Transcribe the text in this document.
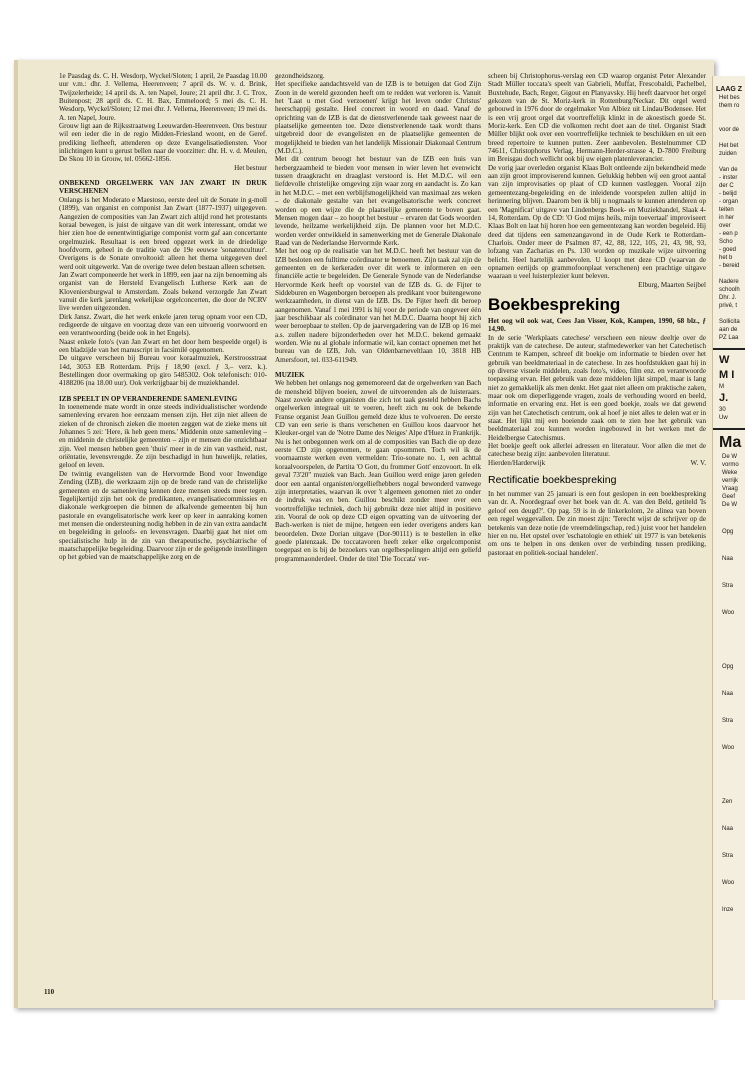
1e Paasdag ds. C. H. Wesdorp, Wyckel/Sloten; 1 april, 2e Paasdag 10.00 uur v.m.: dhr. J. Vellema, Heerenveen; 7 april ds. W. v. d. Brink, Twijzelerheide; 14 april ds. A. ten Napel, Joure; 21 april dhr. J. C. Trox, Buitenpost; 28 april ds. C. H. Bax, Emmeloord; 5 mei ds. C. H. Wesdorp, Wyckel/Sloten; 12 mei dhr. J. Vellema, Heerenveen; 19 mei ds. A. ten Napel, Joure.

Grouw ligt aan de Rijksstraatweg Leeuwarden-Heerenveen. Ons bestuur wil een ieder die in de regio Midden-Friesland woont, en de Geref. prediking liefheeft, attenderen op deze Evangelisatiediensten. Voor inlichtingen kunt u gerust bellen naar de voorzitter: dhr. H. v. d. Meulen, De Skou 10 in Grouw, tel. 05662-1856.

Het bestuur

ONBEKEND ORGELWERK VAN JAN ZWART IN DRUK VERSCHENEN

Onlangs is het Moderato e Maestoso, eerste deel uit de Sonate in g-moll (1899), van organist en componist Jan Zwart (1877-1937) uitgegeven. Aangezien de composities van Jan Zwart zich altijd rond het protestants koraal bewegen, is juist de uitgave van dit werk interessant, omdat we hier zien hoe de eenentwintigjarige componist vorm gaf aan concertante orgelmuziek. Resultaat is een breed opgezet werk in de driedelige hoofdvorm, geheel in de traditie van de 19e eeuwse 'sonatencultuur'. Overigens is de Sonate onvoltooid: alleen het thema uitgegeven deel werd ooit uitgewerkt. Van de overige twee delen bestaan alleen schetsen.

Jan Zwart componeerde het werk in 1899, een jaar na zijn benoeming als organist van de Hersteld Evangelisch Lutherse Kerk aan de Kloveniersburgwal te Amsterdam. Zoals bekend verzorgde Jan Zwart vanuit die kerk jarenlang wekelijkse orgelconcerten, die door de NCRV live werden uitgezonden.

Dirk Jansz. Zwart, die het werk enkele jaren terug opnam voor een CD, redigeerde de uitgave en voorzag deze van een uitvoerig voorwoord en een verantwoording (beide ook in het Engels).

Naast enkele foto's (van Jan Zwart en het door hem bespeelde orgel) is een bladzijde van het manuscript in facsimilé opgenomen.

De uitgave verscheen bij Bureau voor koraalmuziek, Kerstroosstraat 14d, 3053 EB Rotterdam. Prijs ƒ 18,90 (excl. ƒ 3,– verz. k.). Bestellingen door overmaking op giro 5485302. Ook telefonisch: 010-4188206 (na 18.00 uur). Ook verkrijgbaar bij de muziekhandel.

IZB SPEELT IN OP VERANDERENDE SAMENLEVING

In toenemende mate wordt in onze steeds individualistischer wordende samenleving ervaren hoe eenzaam mensen zijn. Het zijn niet alleen de zieken of de chronisch zieken die moeten zeggen wat de zieke mens uit Johannes 5 zei: 'Here, ik heb geen mens.' Middenin onze samenleving – en middenin de christelijke gemeenten – zijn er mensen die onzichtbaar zijn. Veel mensen hebben geen 'thuis' meer in de zin van vastheid, rust, oriëntatie, levensvreugde. Ze zijn beschadigd in hun huwelijk, relaties, geloof en leven.

De twintig evangelisten van de Hervormde Bond voor Inwendige Zending (IZB), die werkzaam zijn op de brede rand van de christelijke gemeenten en de samenleving kennen deze mensen steeds meer tegen. Tegelijkertijd zijn het ook de predikanten, evangelisatiecommissies en diakonale werkgroepen die binnen de afkalvende gemeenten bij hun pastorale en evangelisatorische werk keer op keer in aanraking komen met mensen die ondersteuning nodig hebben in de zin van extra aandacht en begeleiding in geloofs- en levensvragen. Daarbij gaat het niet om specialistische hulp in de zin van therapeutische, psychiatrische of maatschappelijke begeleiding. Daarvoor zijn er de geëigende instellingen op het gebied van de maatschappelijke zorg en de

gezondheidszorg.

Het specifieke aandachtsveld van de IZB is te betuigen dat God Zijn Zoon in de wereld gezonden heeft om te redden wat verloren is. Vanuit het 'Laat u met God verzoenen' krijgt het leven onder Christus' heerschappij gestalte. Heel concreet in woord en daad. Vanaf de oprichting van de IZB is dat de dienstverlenende taak geweest naar de plaatselijke gemeenten toe. Deze dienstverlenende taak wordt thans uitgebreid door de evangelisten en de plaatselijke gemeenten de mogelijkheid te bieden van het landelijk Missionair Diakonaal Centrum (M.D.C.).

Met dit centrum beoogt het bestuur van de IZB een huis van herbergzaamheid te bieden voor mensen in wier leven het evenwicht tussen draagkracht en draaglast verstoord is. Het M.D.C. wil een liefdevolle christelijke omgeving zijn waar zorg en aandacht is. Zo kan in het M.D.C. – met een verblijfsmogelijkheid van maximaal zes weken – de diakonale gestalte van het evangelisatorische werk concreet worden op een wijze die de plaatselijke gemeente te boven gaat. Mensen mogen daar – zo hoopt het bestuur – ervaren dat Gods woorden levende, heilzame werkelijkheid zijn. De plannen voor het M.D.C. worden verder ontwikkeld in samenwerking met de Generale Diakonale Raad van de Nederlandse Hervormde Kerk.

Met het oog op de realisatie van het M.D.C. heeft het bestuur van de IZB besloten een fulltime coördinator te benoemen. Zijn taak zal zijn de gemeenten en de kerkeraden over dit werk te informeren en een financiële actie te begeleiden. De Generale Synode van de Nederlandse Hervormde Kerk heeft op voorstel van de IZB ds. G. de Fijter te Siddeburen en Wagenborgen beroepen als predikant voor buitengewone werkzaamheden, in dienst van de IZB. Ds. De Fijter heeft dit beroep aangenomen. Vanaf 1 mei 1991 is hij voor de periode van ongeveer één jaar beschikbaar als coördinator van het M.D.C. Daarna hoopt hij zich weer beroepbaar te stellen. Op de jaarvergadering van de IZB op 16 mei a.s. zullen nadere bijzonderheden over het M.D.C. bekend gemaakt worden. Wie nu al globale informatie wil, kan contact opnemen met het bureau van de IZB, Joh. van Oldenbarneveltlaan 10, 3818 HB Amersfoort, tel. 033-611949.

MUZIEK

We hebben het onlangs nog gememoreerd dat de orgelwerken van Bach de mensheid blijven boeien, zowel de uitvoerenden als de luisteraars. Naast zovele andere organisten die zich tot taak gesteld hebben Bachs orgelwerken integraal uit te voeren, heeft zich nu ook de bekende Franse organist Jean Guillou gemeld deze klus te volvoeren. De eerste CD van een serie is thans verschenen en Guillou koos daarvoor het Kleuker-orgel van de 'Notre Dame des Neiges' Alpe d'Huez in Frankrijk. Nu is het onbegonnen werk om al de composities van Bach die op deze eerste CD zijn opgenomen, te gaan opsommen. Toch wil ik de voornaamste werken even vermelden: Trio-sonate no. 1, een achttal koraalvoorspelen, de Partita 'O Gott, du frommer Gott' enzovoort. In elk geval 73'20" muziek van Bach. Jean Guillou werd enige jaren geleden door een aantal organisten/orgelliefhebbers nogal bewonderd vanwege zijn interpretaties, waarvan ik over 't algemeen genomen niet zo onder de indruk was en ben. Guillou beschikt zonder meer over een voortreffelijke techniek, doch hij gebruikt deze niet altijd in positieve zin. Vooral de ook op deze CD eigen opvatting van de uitvoering der Bach-werken is niet de mijne, hetgeen een ieder overigens anders kan beoordelen. Deze Dorian uitgave (Dor-90111) is te bestellen in elke goede platenzaak. De toccatavoren heeft zeker elke orgelcomponist toegepast en is bij de bezoekers van orgelbespelingen altijd een geliefd programmaonderdeel. Onder de titel 'Die Toccata' ver-

scheen bij Christophorus-verslag een CD waarop organist Peter Alexander Stadt Müller toccata's speelt van Gabrieli, Muffat, Frescobaldi, Pachelbel, Buxtehude, Bach, Reger, Gigout en Planyavsky. Hij heeft daarvoor het orgel gekozen van de St. Moriz-kerk in Rottenburg/Neckar. Dit orgel werd gebouwd in 1976 door de orgelmaker Von Albiez uit Lindau/Bodensee. Het is een vrij groot orgel dat voortreffelijk klinkt in de akoestisch goede St. Moriz-kerk. Een CD die volkomen recht doet aan de titel. Organist Stadt Müller blijkt ook over een voortreffelijke techniek te beschikken en uit een breed repertoire te kunnen putten. Zeer aanbevolen. Bestelnummer CD 74611, Christophorus Verlag, Hermann-Herder-strasse 4, D-7800 Freiburg im Breisgau doch wellicht ook bij uw eigen platenleverancier.

De vorig jaar overleden organist Klaas Bolt ontleende zijn bekendheid mede aan zijn groot improviserend kunnen. Gelukkig hebben wij een groot aantal van zijn improvisaties op plaat of CD kunnen vastleggen. Vooral zijn gemeentezang-begeleiding en de inleidende voorspelen zullen altijd in herinnering blijven. Daarom ben ik blij u nogmaals te kunnen attenderen op een 'Magnificat' uitgave van Lindenbergs Boek- en Muziekhandel, Slaak 4-14, Rotterdam. Op de CD: 'O God mijns heils, mijn toevertaal' improviseert Klaas Bolt en laat hij horen hoe een gemeentezang kan worden begeleid. Hij deed dat tijdens een samenzangavond in de Oude Kerk te Rotterdam-Charlois. Onder meer de Psalmen 87, 42, 88, 122, 105, 21, 43, 98, 93, lofzang van Zacharias en Ps. 130 worden op muzikale wijze uitvoering belicht. Heel hartelijk aanbevolen. U koopt met deze CD (waarvan de opnamen eertijds op grammofoonplaat verschenen) een prachtige uitgave waaraan u veel luisterplezier kunt beleven.

Elburg, Maarten Seijbel

Boekbespreking

Het oog wil ook wat, Cees Jan Visser, Kok, Kampen, 1990, 68 blz., ƒ 14,90.

In de serie 'Werkplaats catechese' verscheen een nieuw deeltje over de praktijk van de catechese. De auteur, stafmedewerker van het Catechetisch Centrum te Kampen, schreef dit boekje om informatie te bieden over het gebruik van beeldmateriaal in de catechese. In zes hoofdstukken gaat hij in op diverse visuele middelen, zoals foto's, video, film enz. en verantwoorde toepassing ervan. Het gebruik van deze middelen lijkt simpel, maar is lang niet zo gemakkelijk als men denkt. Het gaat niet alleen om praktische zaken, maar ook om dieperliggende vragen, zoals de verhouding woord en beeld, informatie en ervaring enz. Het is een goed boekje, zoals we dat gewend zijn van het Catechetisch centrum, ook al hoef je niet alles te delen wat er in staat. Het lijkt mij een boeiende zaak om te zien hoe het gebruik van beeldmateriaal zou kunnen worden ingebouwd in het werken met de Heidelbergse Catechismus.

Het boekje geeft ook allerlei adressen en literatuur. Voor allen die met de catechese bezig zijn: aanbevolen literatuur.

Hierden/Harderwijk	W. V.

Rectificatie boekbespreking

In het nummer van 25 januari is een fout geslopen in een boekbespreking van dr. A. Noordegraaf over het boek van dr. A. van den Beld, getiteld 'Is geloof een deugd?'. Op pag. 59 is in de linkerkolom, 2e alinea van boven een regel weggevallen. De zin moest zijn: 'Terecht wijst de schrijver op de betekenis van deze notie (de vreemdelingschap, red.) juist voor het handelen hier en nu. Het opstel over 'eschatologie en ethiek' uit 1977 is van betekenis om ons te helpen in ons denken over de verbinding tussen prediking, pastoraat en politiek-sociaal handelen'.

LAAG Z
Het bes
them ro

voor de

Het bet
zuiden

Van de
- inster
der C
- belijd
- organ
teiten
in her
over
- een p
Scho
- goed
het b
- bereid

Nadere
schoolh
Dhr. J.
privé, t

Sollicita
aan de
PZ Laa
W
M I
M
J.
30
Uw
Ma
De W
vormo
Weke
verrijk
Vraag
Geef
De W
Opg
Naa
Stra
Woo

Opg
Naa
Stra
Woo

Zen
Naa
Stra
Woo
Inze
110
